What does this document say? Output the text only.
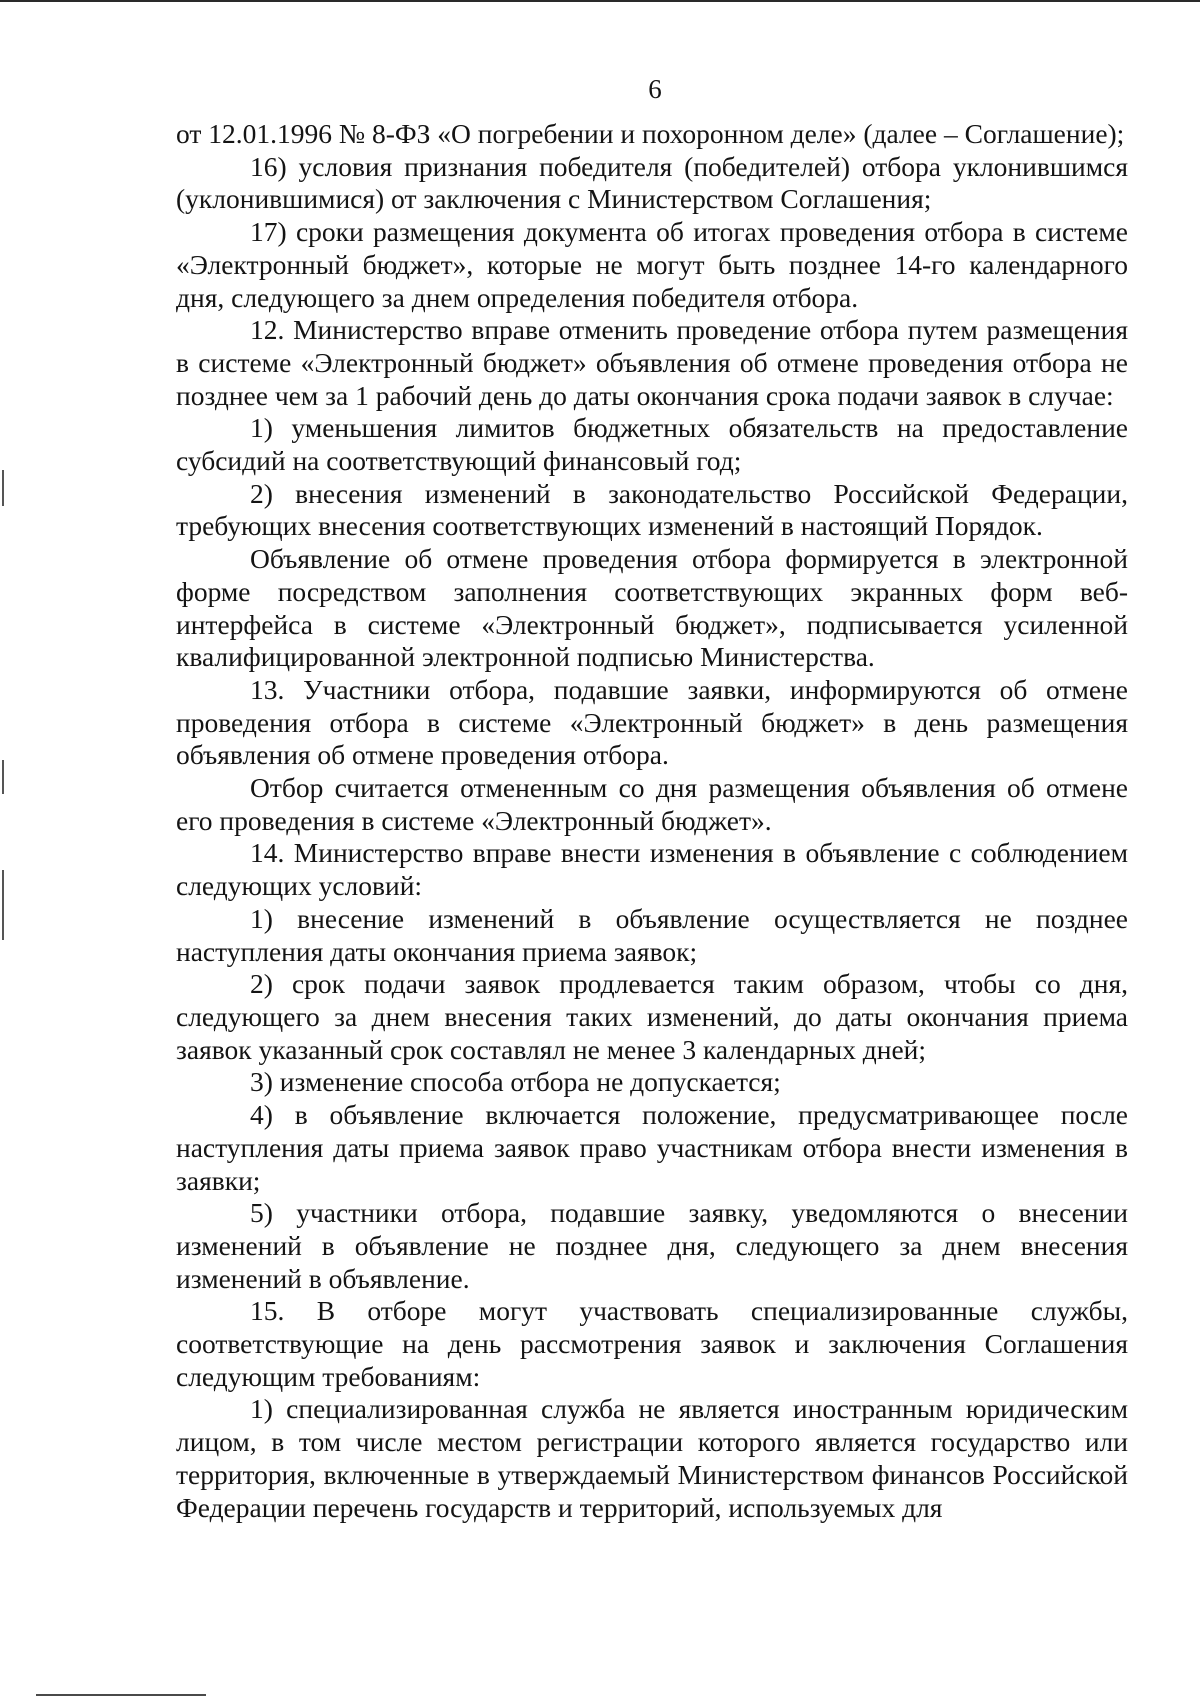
6

от 12.01.1996 № 8-ФЗ «О погребении и похоронном деле» (далее – Соглашение);

16) условия признания победителя (победителей) отбора уклонившимся (уклонившимися) от заключения с Министерством Соглашения;

17) сроки размещения документа об итогах проведения отбора в системе «Электронный бюджет», которые не могут быть позднее 14-го календарного дня, следующего за днем определения победителя отбора.

12. Министерство вправе отменить проведение отбора путем размещения в системе «Электронный бюджет» объявления об отмене проведения отбора не позднее чем за 1 рабочий день до даты окончания срока подачи заявок в случае:

1) уменьшения лимитов бюджетных обязательств на предоставление субсидий на соответствующий финансовый год;

2) внесения изменений в законодательство Российской Федерации, требующих внесения соответствующих изменений в настоящий Порядок.

Объявление об отмене проведения отбора формируется в электронной форме посредством заполнения соответствующих экранных форм веб-интерфейса в системе «Электронный бюджет», подписывается усиленной квалифицированной электронной подписью Министерства.

13. Участники отбора, подавшие заявки, информируются об отмене проведения отбора в системе «Электронный бюджет» в день размещения объявления об отмене проведения отбора.

Отбор считается отмененным со дня размещения объявления об отмене его проведения в системе «Электронный бюджет».

14. Министерство вправе внести изменения в объявление с соблюдением следующих условий:

1) внесение изменений в объявление осуществляется не позднее наступления даты окончания приема заявок;

2) срок подачи заявок продлевается таким образом, чтобы со дня, следующего за днем внесения таких изменений, до даты окончания приема заявок указанный срок составлял не менее 3 календарных дней;

3) изменение способа отбора не допускается;

4) в объявление включается положение, предусматривающее после наступления даты приема заявок право участникам отбора внести изменения в заявки;

5) участники отбора, подавшие заявку, уведомляются о внесении изменений в объявление не позднее дня, следующего за днем внесения изменений в объявление.

15. В отборе могут участвовать специализированные службы, соответствующие на день рассмотрения заявок и заключения Соглашения следующим требованиям:

1) специализированная служба не является иностранным юридическим лицом, в том числе местом регистрации которого является государство или территория, включенные в утверждаемый Министерством финансов Российской Федерации перечень государств и территорий, используемых для
